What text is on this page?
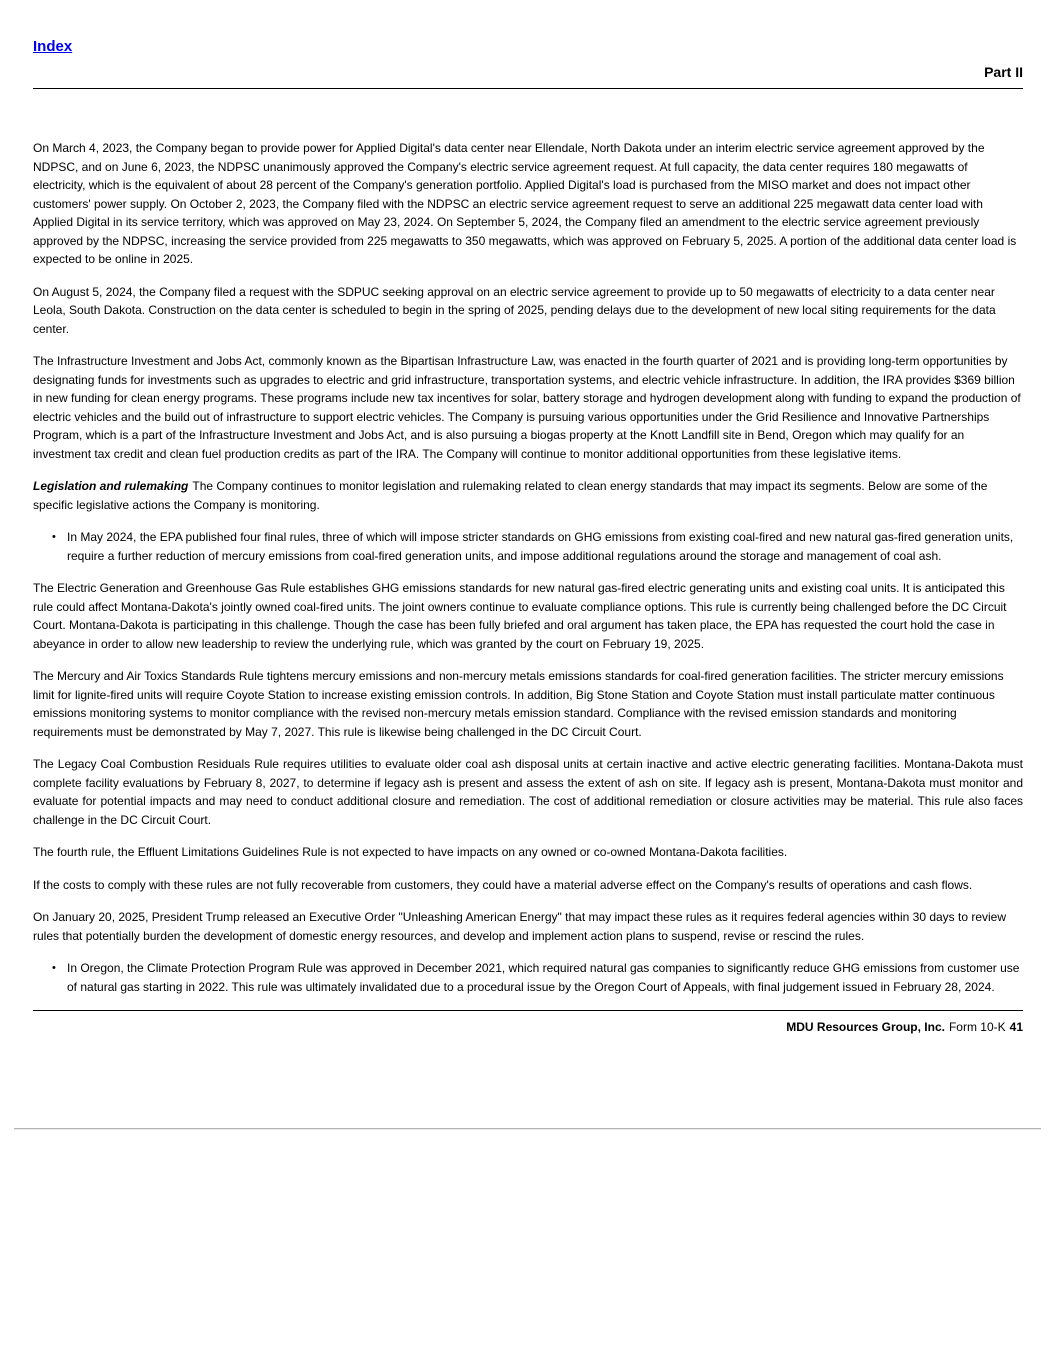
Index
Part II

On March 4, 2023, the Company began to provide power for Applied Digital's data center near Ellendale, North Dakota under an interim electric service agreement approved by the NDPSC, and on June 6, 2023, the NDPSC unanimously approved the Company's electric service agreement request. At full capacity, the data center requires 180 megawatts of electricity, which is the equivalent of about 28 percent of the Company's generation portfolio. Applied Digital's load is purchased from the MISO market and does not impact other customers' power supply. On October 2, 2023, the Company filed with the NDPSC an electric service agreement request to serve an additional 225 megawatt data center load with Applied Digital in its service territory, which was approved on May 23, 2024. On September 5, 2024, the Company filed an amendment to the electric service agreement previously approved by the NDPSC, increasing the service provided from 225 megawatts to 350 megawatts, which was approved on February 5, 2025. A portion of the additional data center load is expected to be online in 2025.

On August 5, 2024, the Company filed a request with the SDPUC seeking approval on an electric service agreement to provide up to 50 megawatts of electricity to a data center near Leola, South Dakota. Construction on the data center is scheduled to begin in the spring of 2025, pending delays due to the development of new local siting requirements for the data center.

The Infrastructure Investment and Jobs Act, commonly known as the Bipartisan Infrastructure Law, was enacted in the fourth quarter of 2021 and is providing long-term opportunities by designating funds for investments such as upgrades to electric and grid infrastructure, transportation systems, and electric vehicle infrastructure. In addition, the IRA provides $369 billion in new funding for clean energy programs. These programs include new tax incentives for solar, battery storage and hydrogen development along with funding to expand the production of electric vehicles and the build out of infrastructure to support electric vehicles. The Company is pursuing various opportunities under the Grid Resilience and Innovative Partnerships Program, which is a part of the Infrastructure Investment and Jobs Act, and is also pursuing a biogas property at the Knott Landfill site in Bend, Oregon which may qualify for an investment tax credit and clean fuel production credits as part of the IRA. The Company will continue to monitor additional opportunities from these legislative items.

Legislation and rulemaking The Company continues to monitor legislation and rulemaking related to clean energy standards that may impact its segments. Below are some of the specific legislative actions the Company is monitoring.

• In May 2024, the EPA published four final rules, three of which will impose stricter standards on GHG emissions from existing coal-fired and new natural gas-fired generation units, require a further reduction of mercury emissions from coal-fired generation units, and impose additional regulations around the storage and management of coal ash.

The Electric Generation and Greenhouse Gas Rule establishes GHG emissions standards for new natural gas-fired electric generating units and existing coal units. It is anticipated this rule could affect Montana-Dakota's jointly owned coal-fired units. The joint owners continue to evaluate compliance options. This rule is currently being challenged before the DC Circuit Court. Montana-Dakota is participating in this challenge. Though the case has been fully briefed and oral argument has taken place, the EPA has requested the court hold the case in abeyance in order to allow new leadership to review the underlying rule, which was granted by the court on February 19, 2025.

The Mercury and Air Toxics Standards Rule tightens mercury emissions and non-mercury metals emissions standards for coal-fired generation facilities. The stricter mercury emissions limit for lignite-fired units will require Coyote Station to increase existing emission controls. In addition, Big Stone Station and Coyote Station must install particulate matter continuous emissions monitoring systems to monitor compliance with the revised non-mercury metals emission standard. Compliance with the revised emission standards and monitoring requirements must be demonstrated by May 7, 2027. This rule is likewise being challenged in the DC Circuit Court.

The Legacy Coal Combustion Residuals Rule requires utilities to evaluate older coal ash disposal units at certain inactive and active electric generating facilities. Montana-Dakota must complete facility evaluations by February 8, 2027, to determine if legacy ash is present and assess the extent of ash on site. If legacy ash is present, Montana-Dakota must monitor and evaluate for potential impacts and may need to conduct additional closure and remediation. The cost of additional remediation or closure activities may be material. This rule also faces challenge in the DC Circuit Court.

The fourth rule, the Effluent Limitations Guidelines Rule is not expected to have impacts on any owned or co-owned Montana-Dakota facilities.

If the costs to comply with these rules are not fully recoverable from customers, they could have a material adverse effect on the Company's results of operations and cash flows.

On January 20, 2025, President Trump released an Executive Order "Unleashing American Energy" that may impact these rules as it requires federal agencies within 30 days to review rules that potentially burden the development of domestic energy resources, and develop and implement action plans to suspend, revise or rescind the rules.

• In Oregon, the Climate Protection Program Rule was approved in December 2021, which required natural gas companies to significantly reduce GHG emissions from customer use of natural gas starting in 2022. This rule was ultimately invalidated due to a procedural issue by the Oregon Court of Appeals, with final judgement issued in February 28, 2024.
MDU Resources Group, Inc. Form 10-K 41
